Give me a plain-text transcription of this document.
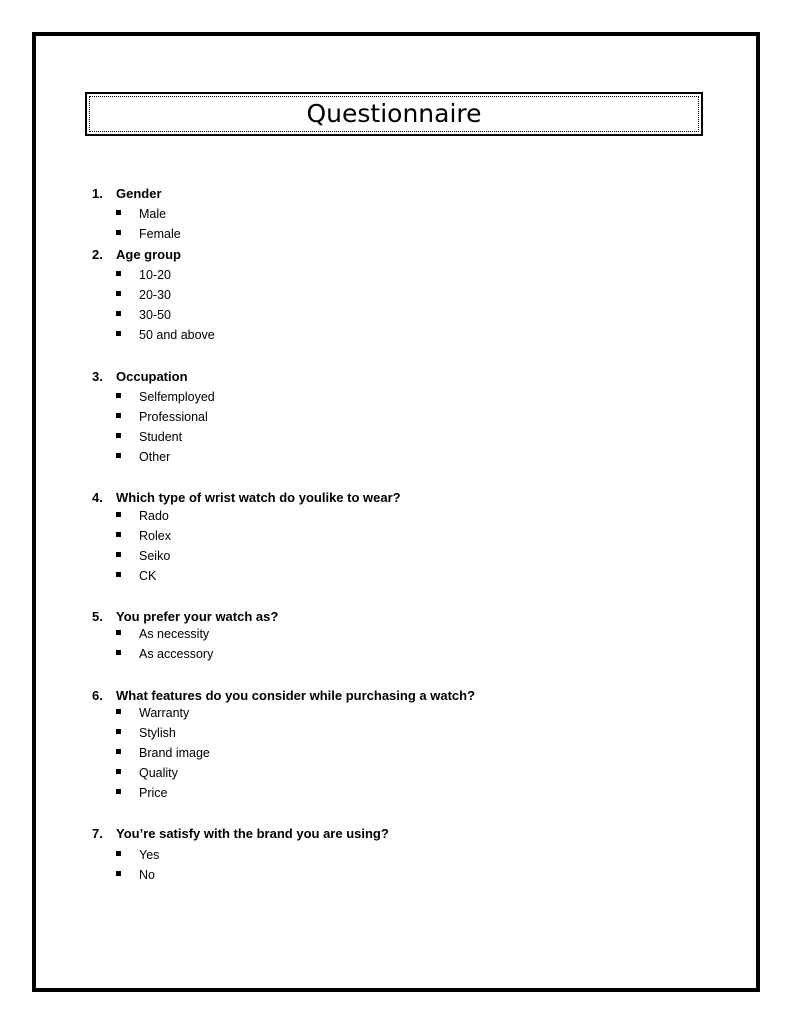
Questionnaire
1. Gender
Male
Female
2. Age group
10-20
20-30
30-50
50 and above
3. Occupation
Selfemployed
Professional
Student
Other
4. Which type of wrist watch do youlike to wear?
Rado
Rolex
Seiko
CK
5. You prefer your watch as?
As necessity
As accessory
6. What features do you consider while purchasing a watch?
Warranty
Stylish
Brand image
Quality
Price
7. You’re satisfy with the brand you are using?
Yes
No
